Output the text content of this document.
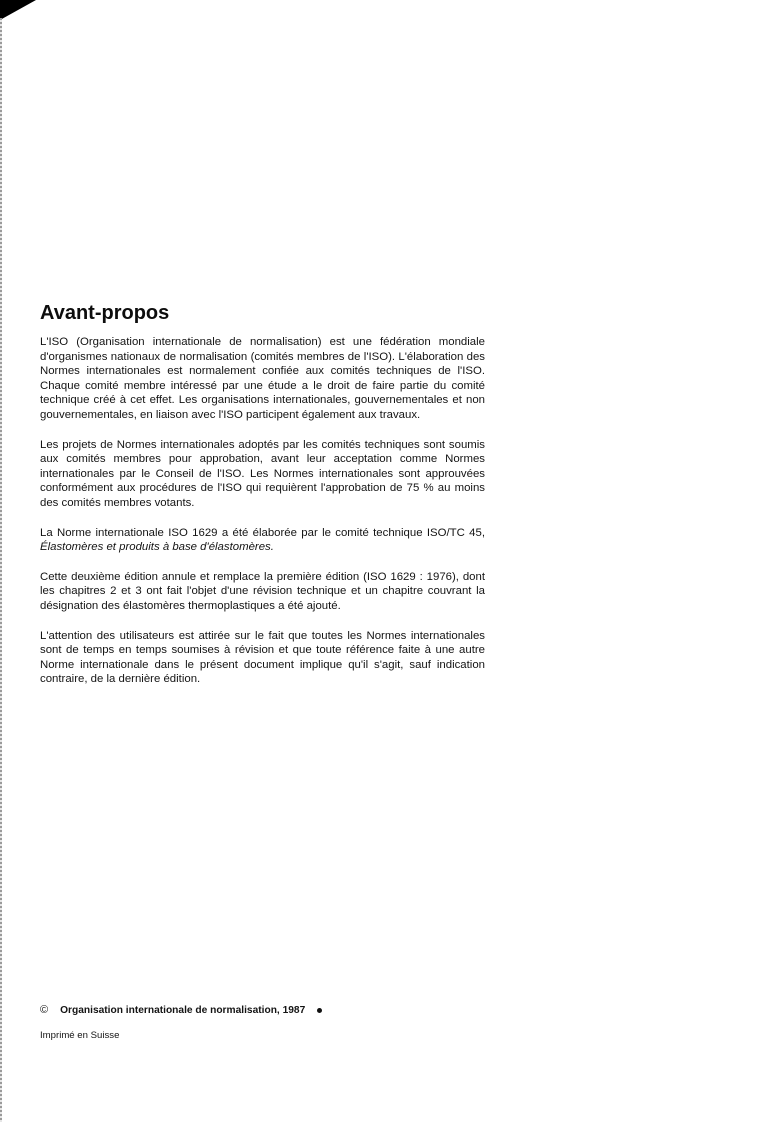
Avant-propos

L'ISO (Organisation internationale de normalisation) est une fédération mondiale d'organismes nationaux de normalisation (comités membres de l'ISO). L'élaboration des Normes internationales est normalement confiée aux comités techniques de l'ISO. Chaque comité membre intéressé par une étude a le droit de faire partie du comité technique créé à cet effet. Les organisations internationales, gouvernementales et non gouvernementales, en liaison avec l'ISO participent également aux travaux.

Les projets de Normes internationales adoptés par les comités techniques sont soumis aux comités membres pour approbation, avant leur acceptation comme Normes internationales par le Conseil de l'ISO. Les Normes internationales sont approuvées conformément aux procédures de l'ISO qui requièrent l'approbation de 75 % au moins des comités membres votants.

La Norme internationale ISO 1629 a été élaborée par le comité technique ISO/TC 45, Élastomères et produits à base d'élastomères.

Cette deuxième édition annule et remplace la première édition (ISO 1629 : 1976), dont les chapitres 2 et 3 ont fait l'objet d'une révision technique et un chapitre couvrant la désignation des élastomères thermoplastiques a été ajouté.

L'attention des utilisateurs est attirée sur le fait que toutes les Normes internationales sont de temps en temps soumises à révision et que toute référence faite à une autre Norme internationale dans le présent document implique qu'il s'agit, sauf indication contraire, de la dernière édition.

© Organisation internationale de normalisation, 1987
Imprimé en Suisse
